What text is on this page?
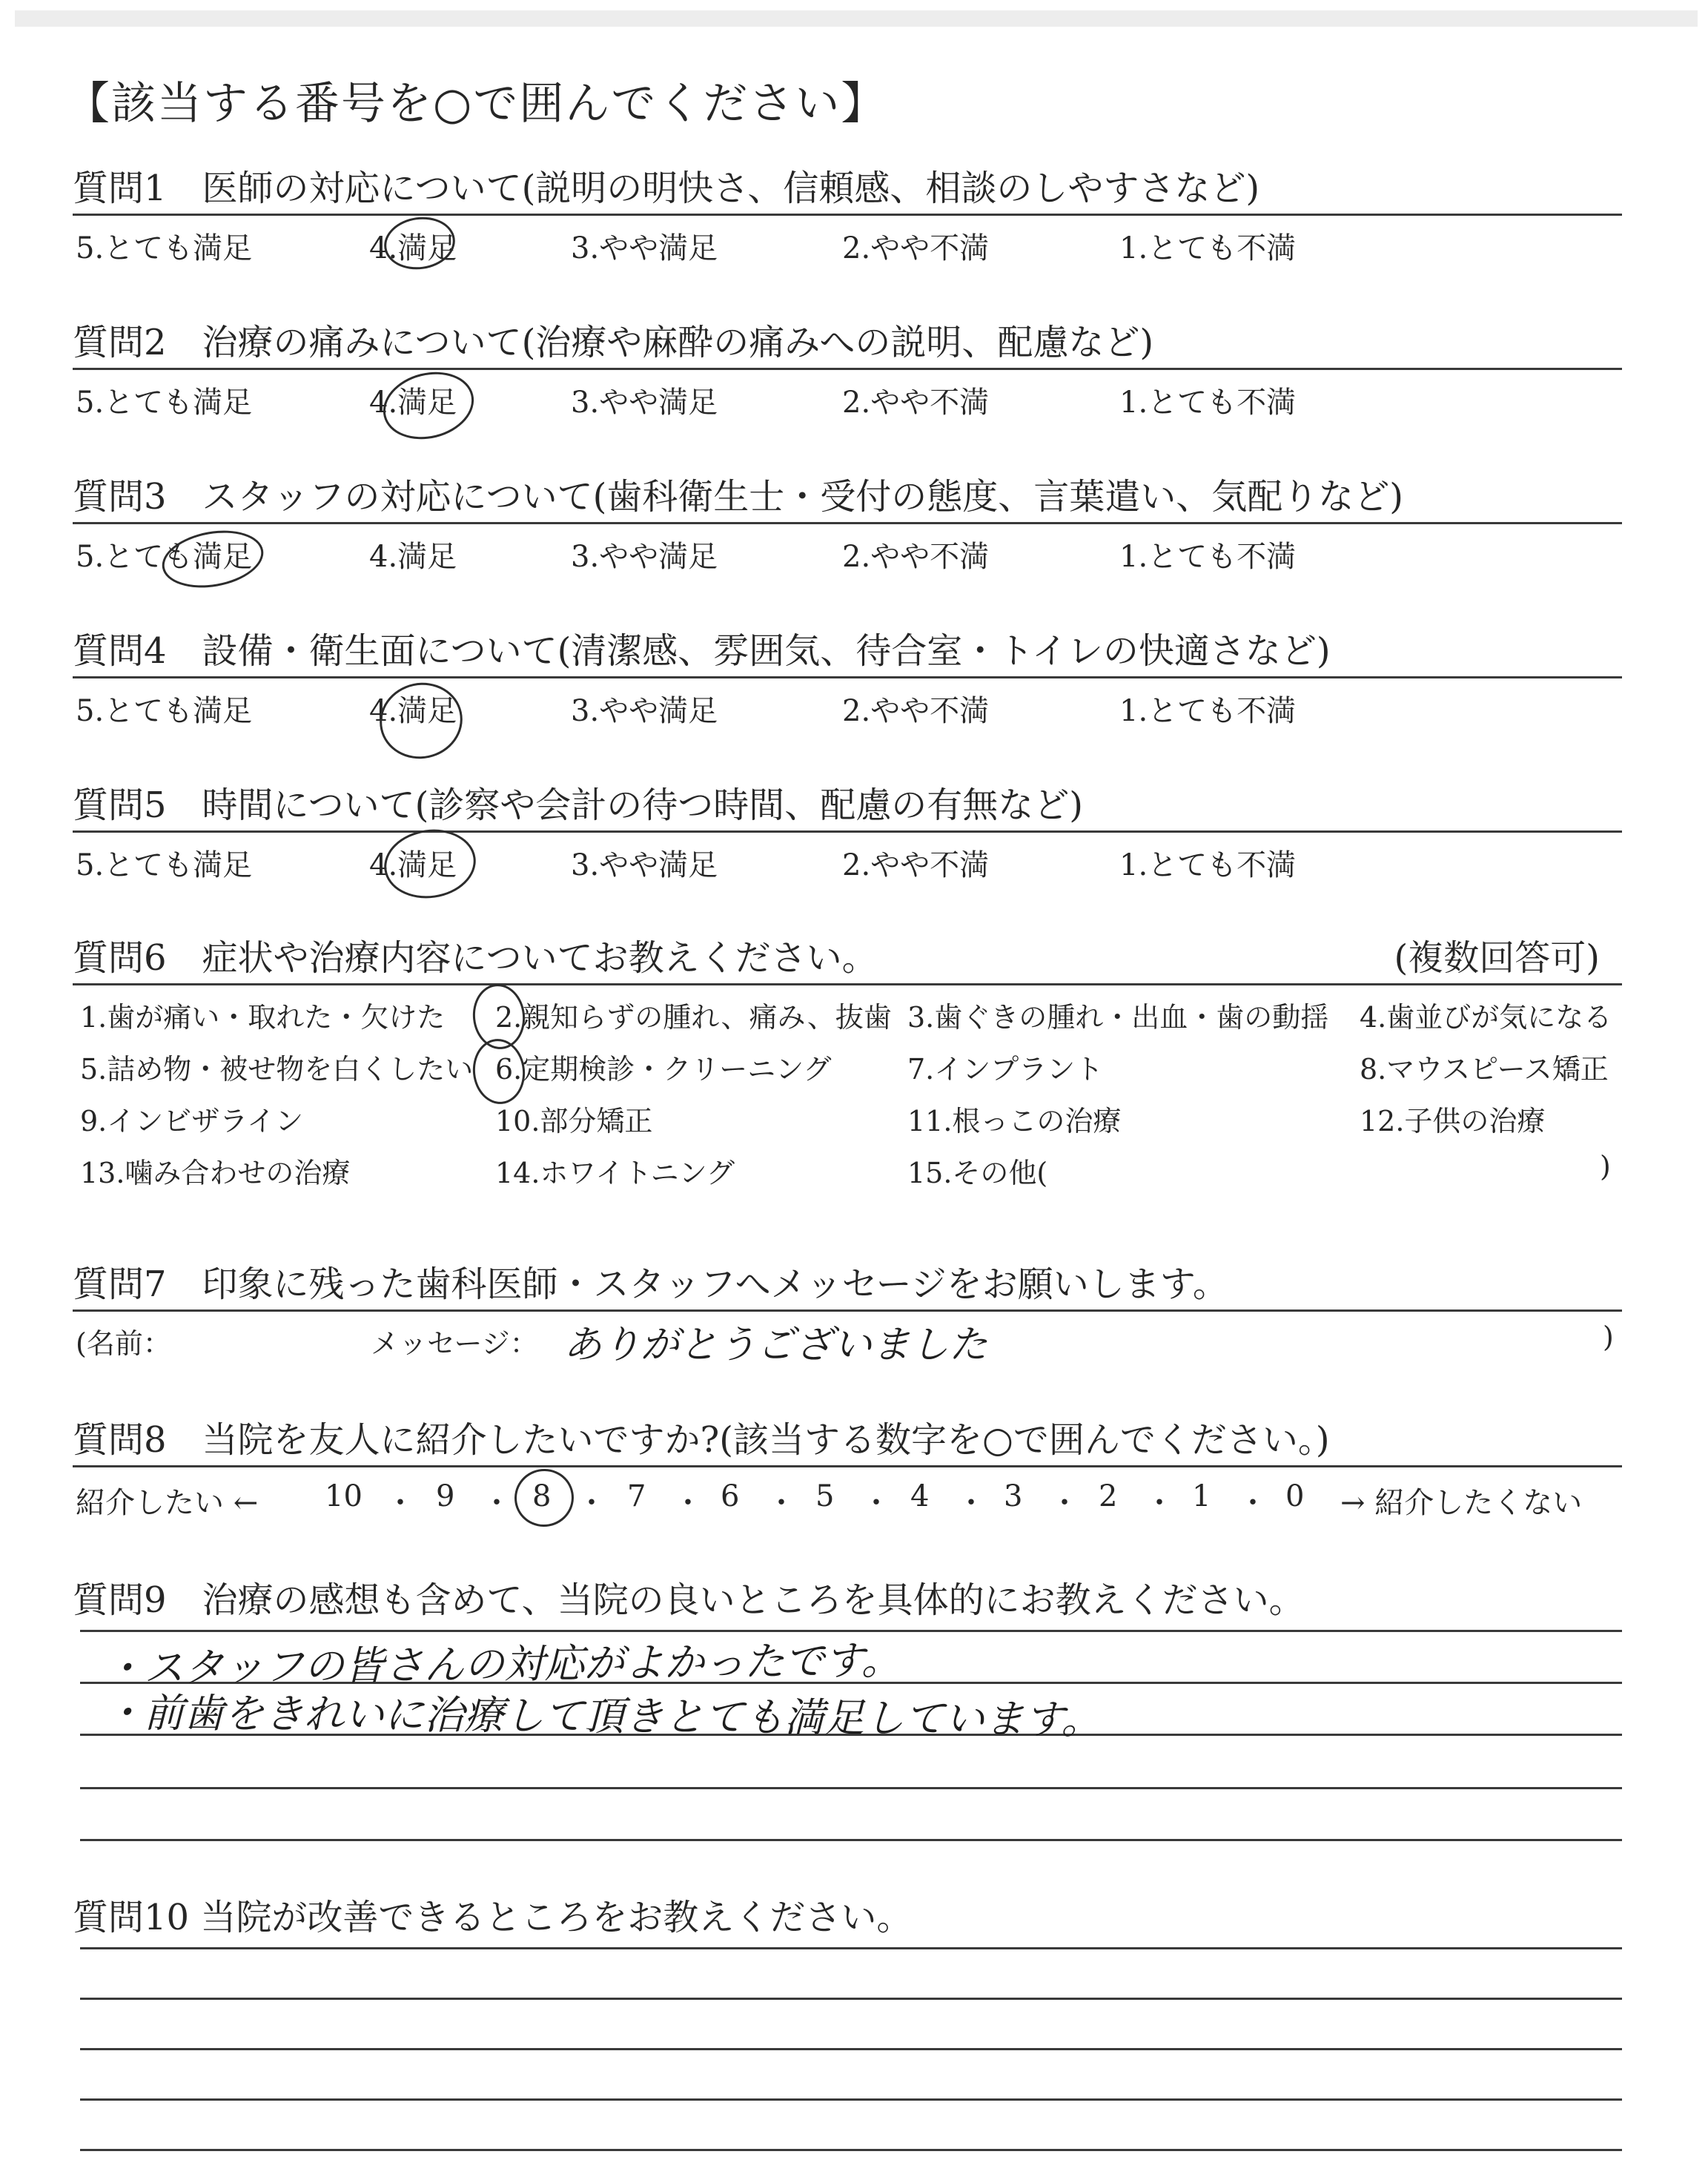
【該当する番号を○で囲んでください】
質問1　医師の対応について(説明の明快さ、信頼感、相談のしやすさなど)
5.とても満足	4.満足	3.やや満足	2.やや不満	1.とても不満
質問2　治療の痛みについて(治療や麻酔の痛みへの説明、配慮など)
5.とても満足	4.満足	3.やや満足	2.やや不満	1.とても不満
質問3　スタッフの対応について(歯科衛生士・受付の態度、言葉遣い、気配りなど)
5.とても満足	4.満足	3.やや満足	2.やや不満	1.とても不満
質問4　設備・衛生面について(清潔感、雰囲気、待合室・トイレの快適さなど)
5.とても満足	4.満足	3.やや満足	2.やや不満	1.とても不満
質問5　時間について(診察や会計の待つ時間、配慮の有無など)
5.とても満足	4.満足	3.やや満足	2.やや不満	1.とても不満
質問6　症状や治療内容についてお教えください。	(複数回答可)
1.歯が痛い・取れた・欠けた 2.親知らずの腫れ、痛み、抜歯 3.歯ぐきの腫れ・出血・歯の動揺 4.歯並びが気になる
5.詰め物・被せ物を白くしたい 6.定期検診・クリーニング	7.インプラント	8.マウスピース矯正
9.インビザライン	10.部分矯正	11.根っこの治療	12.子供の治療
13.噛み合わせの治療	14.ホワイトニング	15.その他(	)
質問7　印象に残った歯科医師・スタッフへメッセージをお願いします。
(名前：	メッセージ： ありがとうございました	)
質問8　当院を友人に紹介したいですか?(該当する数字を○で囲んでください。)
紹介したい ← 10 ・ 9 ・ 8 ・ 7 ・ 6 ・ 5 ・ 4 ・ 3 ・ 2 ・ 1 ・ 0 → 紹介したくない
質問9　治療の感想も含めて、当院の良いところを具体的にお教えください。
・スタッフの皆さんの対応がよかったです。
・前歯をきれいに治療して頂きとても満足しています。
質問10 当院が改善できるところをお教えください。
